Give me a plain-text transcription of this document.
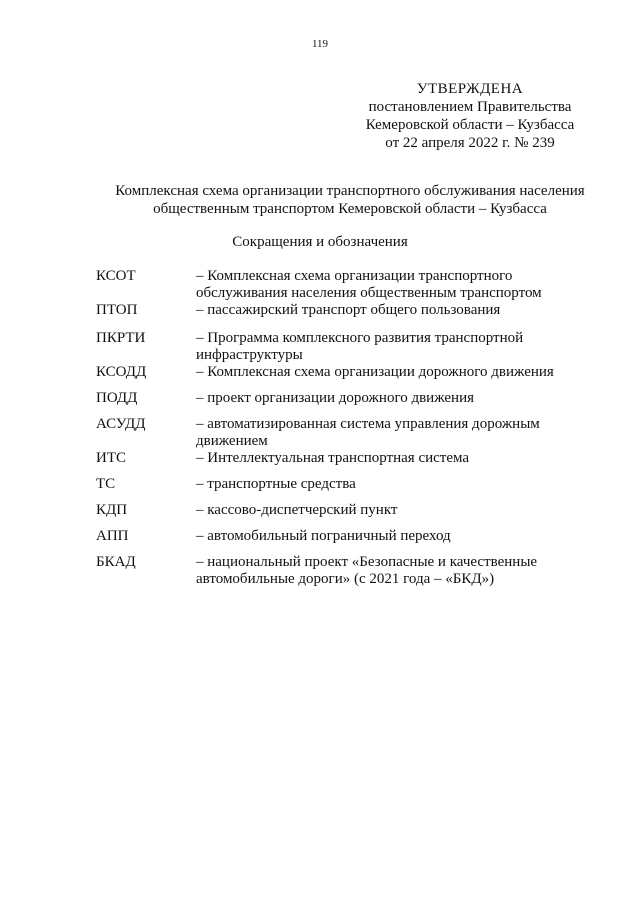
119
УТВЕРЖДЕНА
постановлением Правительства
Кемеровской области – Кузбасса
от 22 апреля 2022 г. № 239
Комплексная схема организации транспортного обслуживания населения
общественным транспортом Кемеровской области – Кузбасса
Сокращения и обозначения
КСОТ	– Комплексная схема организации транспортного обслуживания населения общественным транспортом
ПТОП	– пассажирский транспорт общего пользования
ПКРТИ	– Программа комплексного развития транспортной инфраструктуры
КСОДД	– Комплексная схема организации дорожного движения
ПОДД	– проект организации дорожного движения
АСУДД	– автоматизированная система управления дорожным движением
ИТС	– Интеллектуальная транспортная система
ТС	– транспортные средства
КДП	– кассово-диспетчерский пункт
АПП	– автомобильный пограничный переход
БКАД	– национальный проект «Безопасные и качественные автомобильные дороги» (с 2021 года – «БКД»)
